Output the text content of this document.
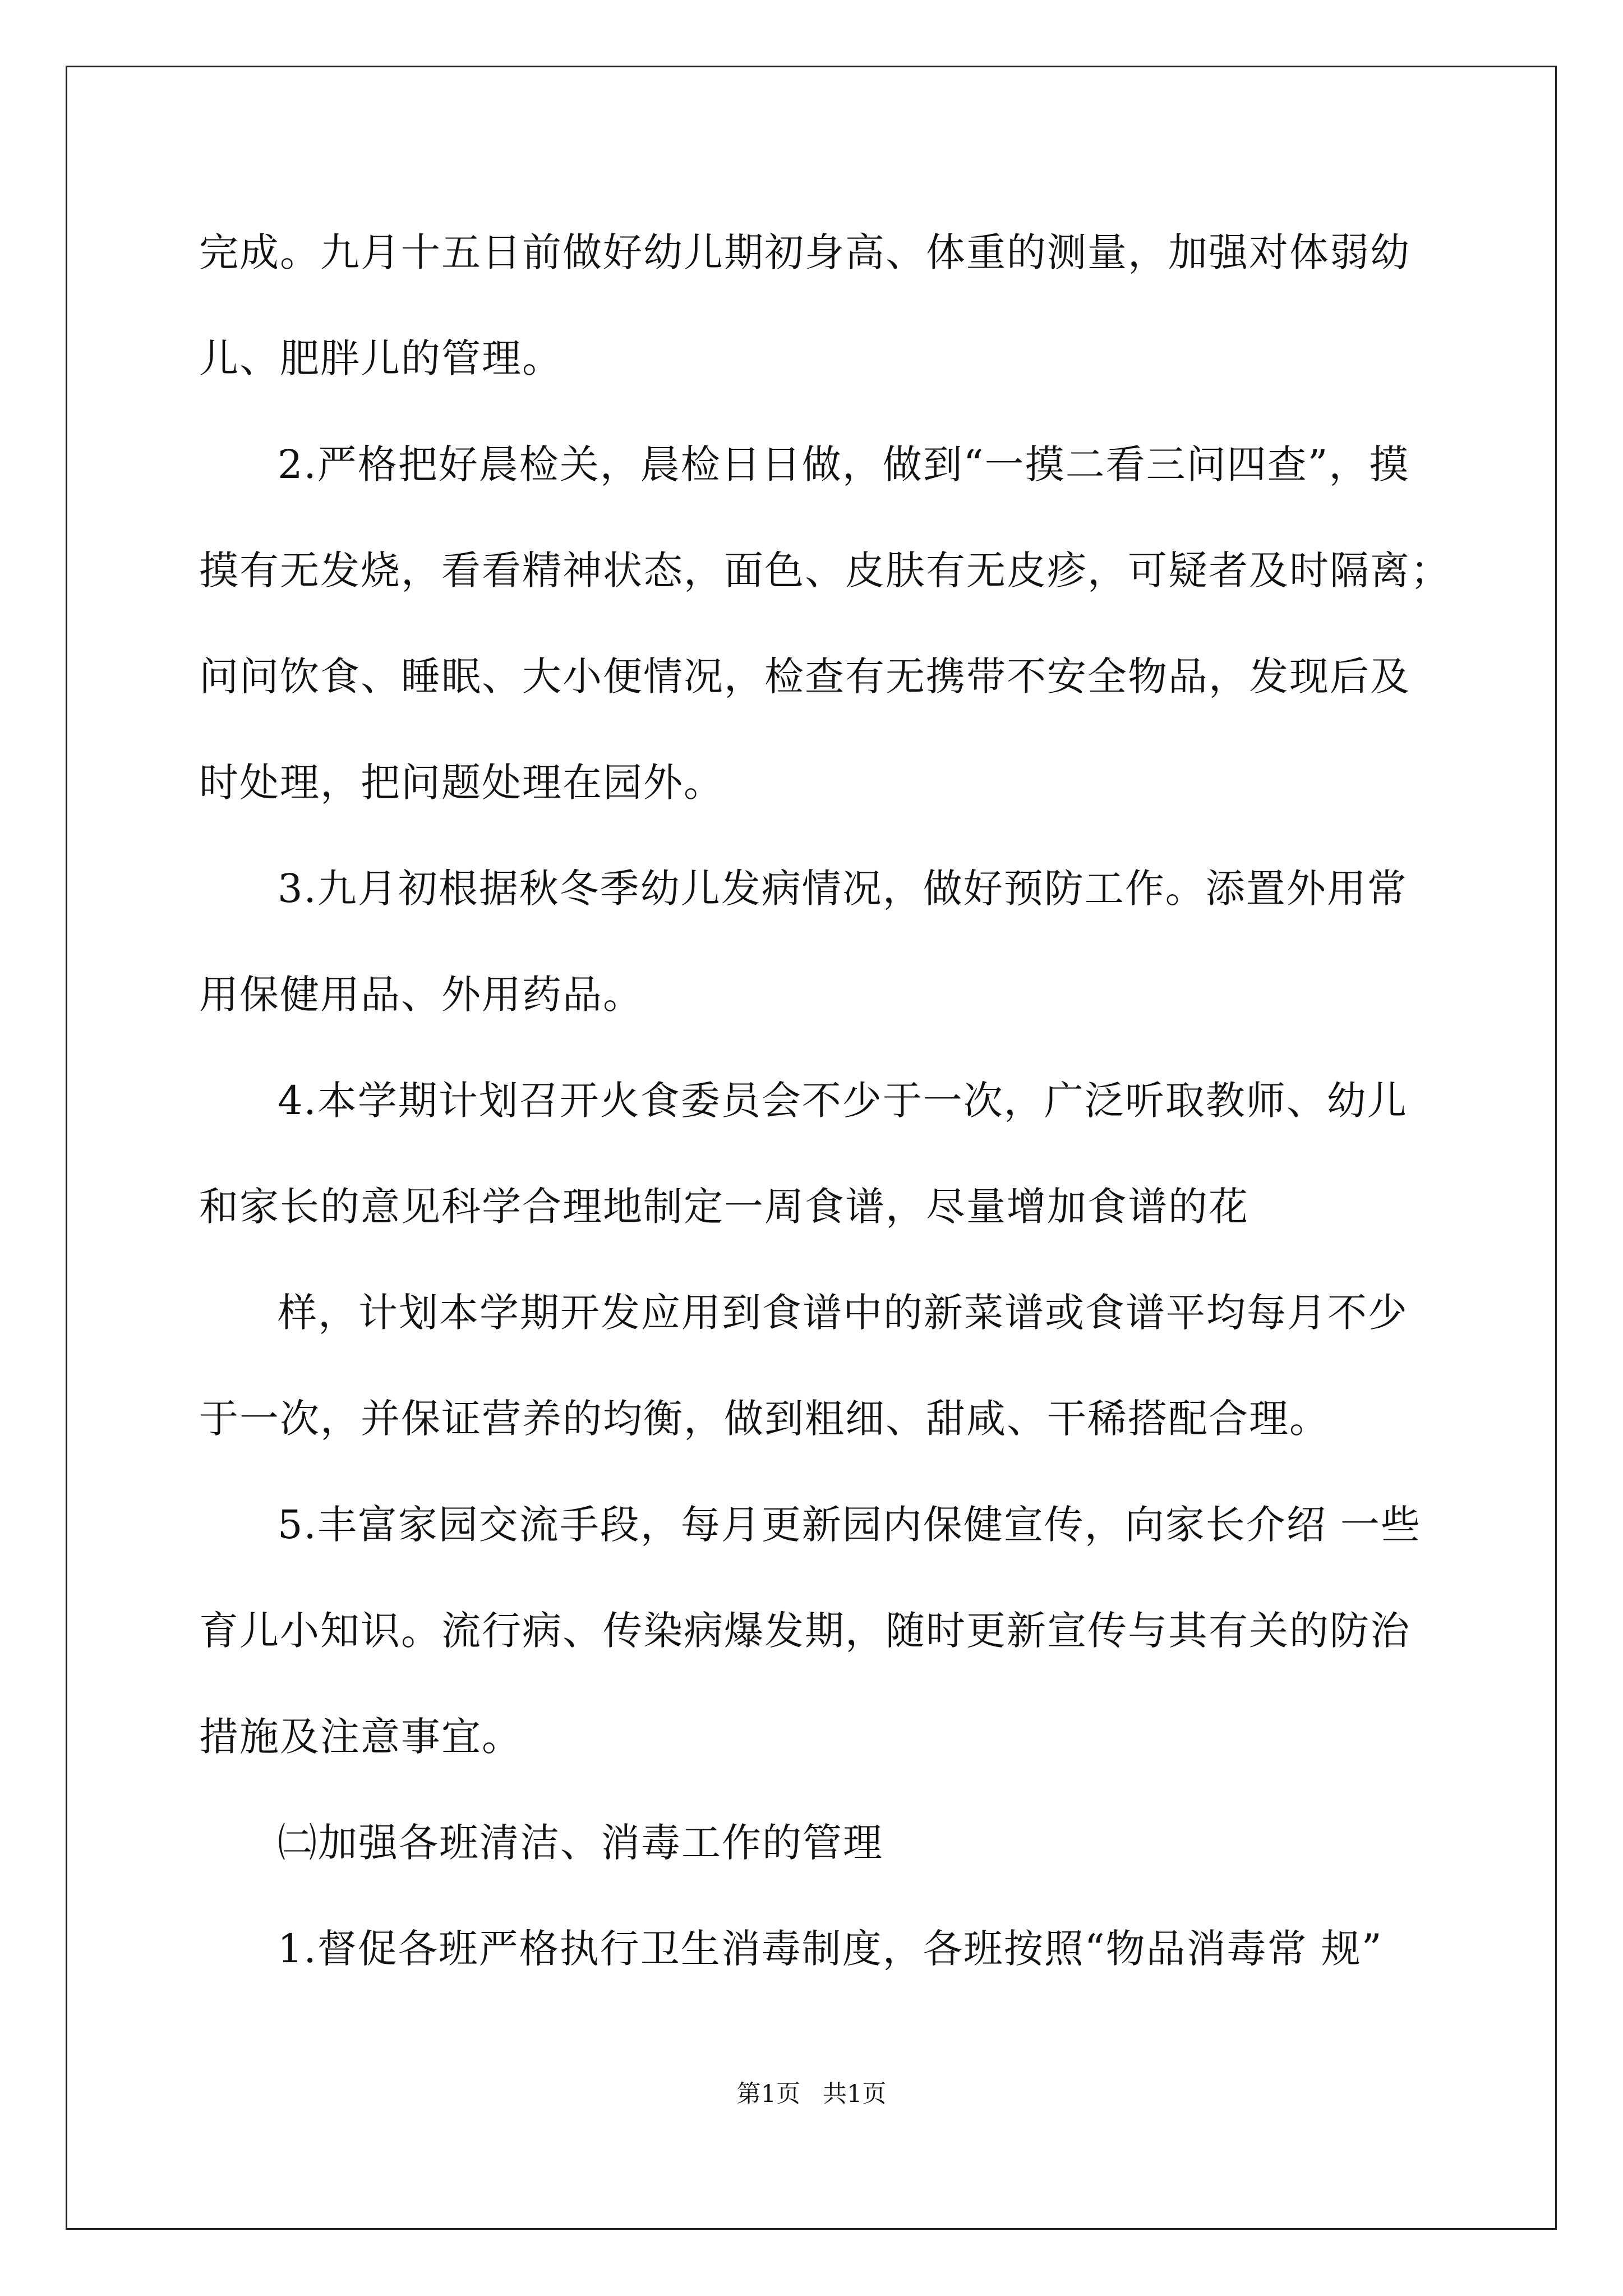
完成。九月十五日前做好幼儿期初身高、体重的测量，加强对体弱幼
儿、肥胖儿的管理。
2.严格把好晨检关，晨检日日做，做到“一摸二看三问四查”，摸
摸有无发烧，看看精神状态，面色、皮肤有无皮疹，可疑者及时隔离；
问问饮食、睡眠、大小便情况，检查有无携带不安全物品，发现后及
时处理，把问题处理在园外。
3.九月初根据秋冬季幼儿发病情况，做好预防工作。添置外用常
用保健用品、外用药品。
4.本学期计划召开火食委员会不少于一次，广泛听取教师、幼儿
和家长的意见科学合理地制定一周食谱，尽量增加食谱的花
样，计划本学期开发应用到食谱中的新菜谱或食谱平均每月不少
于一次，并保证营养的均衡，做到粗细、甜咸、干稀搭配合理。
5.丰富家园交流手段，每月更新园内保健宣传，向家长介绍 一些
育儿小知识。流行病、传染病爆发期，随时更新宣传与其有关的防治
措施及注意事宜。
㈡加强各班清洁、消毒工作的管理
1.督促各班严格执行卫生消毒制度，各班按照“物品消毒常 规”
第1页 共1页
